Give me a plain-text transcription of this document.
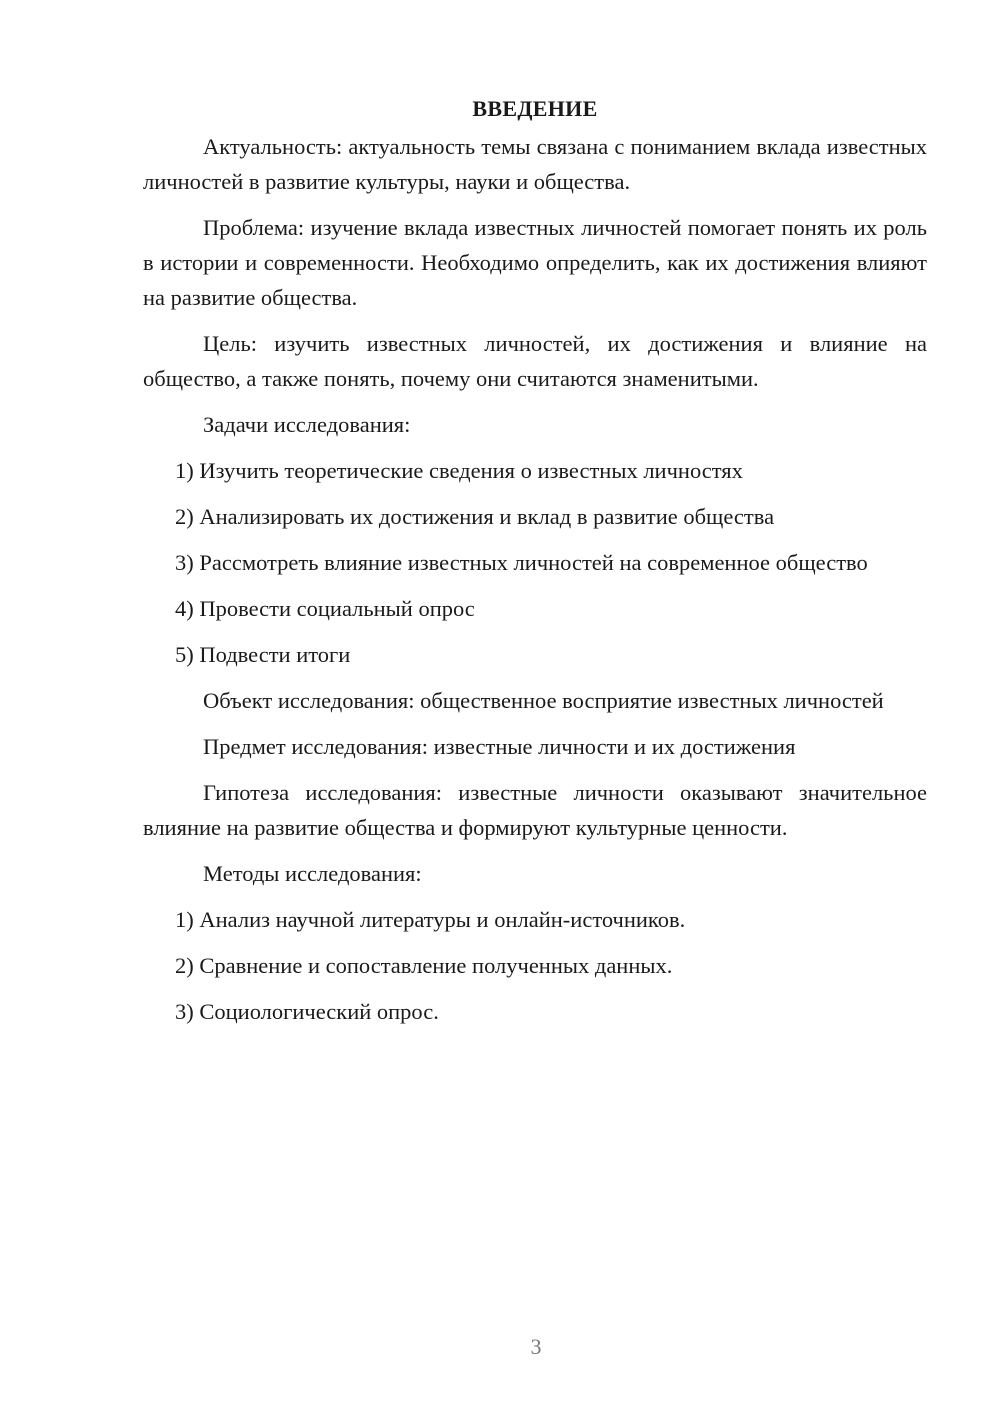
ВВЕДЕНИЕ

Актуальность: актуальность темы связана с пониманием вклада известных личностей в развитие культуры, науки и общества.

Проблема: изучение вклада известных личностей помогает понять их роль в истории и современности. Необходимо определить, как их достижения влияют на развитие общества.

Цель: изучить известных личностей, их достижения и влияние на общество, а также понять, почему они считаются знаменитыми.

Задачи исследования:

1) Изучить теоретические сведения о известных личностях

2) Анализировать их достижения и вклад в развитие общества

3) Рассмотреть влияние известных личностей на современное общество

4) Провести социальный опрос

5) Подвести итоги

Объект исследования: общественное восприятие известных личностей

Предмет исследования: известные личности и их достижения

Гипотеза исследования: известные личности оказывают значительное влияние на развитие общества и формируют культурные ценности.

Методы исследования:

1) Анализ научной литературы и онлайн-источников.

2) Сравнение и сопоставление полученных данных.

3) Социологический опрос.

3
